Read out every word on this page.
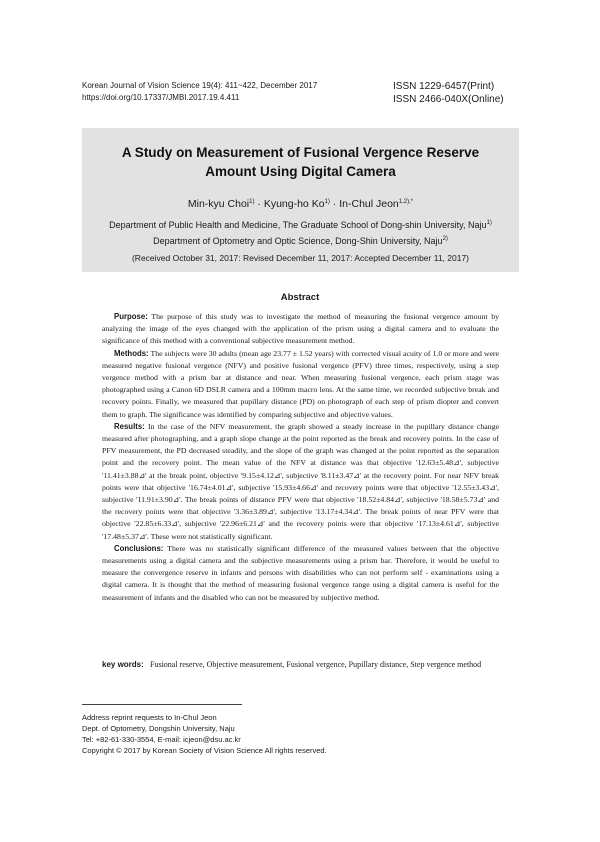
Korean Journal of Vision Science 19(4): 411~422, December 2017
https://doi.org/10.17337/JMBI.2017.19.4.411
ISSN 1229-6457(Print)
ISSN 2466-040X(Online)
A Study on Measurement of Fusional Vergence Reserve
Amount Using Digital Camera
Min-kyu Choi$^{1)}$ · Kyung-ho $Ko^{1)}$ · In-Chul Jeon$^{1,2),*}$
Department of Public Health and Medicine, The Graduate School of Dong-shin University, Naju$^{1)}$
Department of Optometry and Optic Science, Dong-Shin University, Naju$^{2)}$
(Received October 31, 2017: Revised December 11, 2017: Accepted December 11, 2017)
Abstract

Purpose: The purpose of this study was to investigate the method of measuring the fusional vergence amount by analyzing the image of the eyes changed with the application of the prism using a digital camera and to evaluate the significance of this method with a conventional subjective measurement method.

Methods: The subjects were 30 adults (mean age 23.77 ± 1.52 years) with corrected visual acuity of 1.0 or more and were measured negative fusional vergence (NFV) and positive fusional vergence (PFV) three times, respectively, using a step vergence method with a prism bar at distance and near. When measuring fusional vergence, each prism stage was photographed using a Canon 6D DSLR camera and a 100mm macro lens. At the same time, we recorded subjective break and recovery points. Finally, we measured that pupillary distance (PD) on photograph of each step of prism diopter and convert them to graph. The significance was identified by comparing subjective and objective values.

Results: In the case of the NFV measurement, the graph showed a steady increase in the pupillary distance change measured after photographing, and a graph slope change at the point reported as the break and recovery points. In the case of PFV measurement, the PD decreased steadily, and the slope of the graph was changed at the point reported as the separation point and the recovery point. The mean value of the NFV at distance was that objective '12.63±5.48⊿', subjective '11.41±3.88⊿' at the break point, objective '9.15±4.12⊿', subjective '8.11±3.47⊿' at the recovery point. For near NFV break points were that objective '16.74±4.01⊿', subjective '15.93±4.66⊿' and recovery points were that objective '12.55±3.43⊿', subjective '11.91±3.90⊿'. The break points of distance PFV were that objective '18.52±4.84⊿', subjective '18.58±5.73⊿' and the recovery points were that objective '3.36±3.89⊿', subjective '13.17±4.34⊿'. The break points of near PFV were that objective '22.85±6.33⊿', subjective '22.96±6.21⊿' and the recovery points were that objective '17.13±4.61⊿', subjective '17.48±5.37⊿'. These were not statistically significant.

Conclusions: There was no statistically significant difference of the measured values between that the objective measurements using a digital camera and the subjective measurements using a prism bar. Therefore, it would be useful to measure the convergence reserve in infants and persons with disabilities who can not perform self - examinations using a digital camera. It is thought that the method of measuring fusional vergence range using a digital camera is useful for the measurement of infants and the disabled who can not be measured by subjective method.

key words: Fusional reserve, Objective measurement, Fusional vergence, Pupillary distance, Step vergence method
Address reprint requests to In-Chul Jeon
Dept. of Optometry, Dongshin University, Naju
Tel: +82-61-330-3554, E-mail: icjeon@dsu.ac.kr
Copyright © 2017 by Korean Society of Vision Science All rights reserved.
